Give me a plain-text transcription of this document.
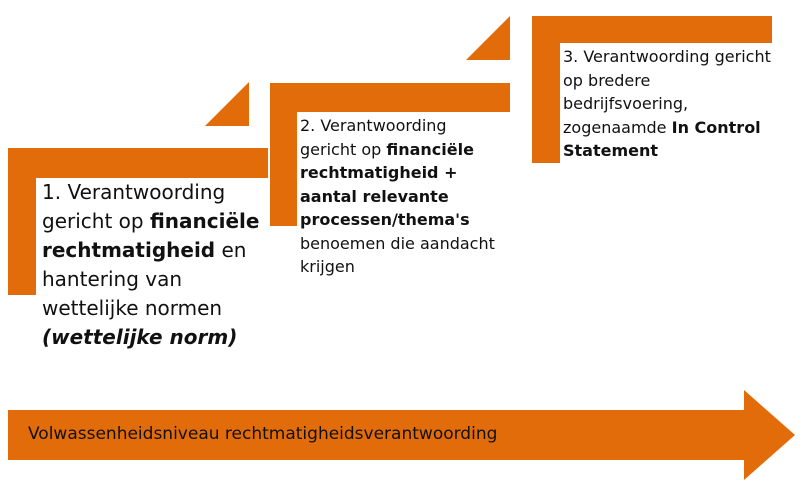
1. Verantwoording gericht op financiële rechtmatigheid en hantering van wettelijke normen (wettelijke norm)
2. Verantwoording gericht op financiële rechtmatigheid + aantal relevante processen/thema's benoemen die aandacht krijgen
3. Verantwoording gericht op bredere bedrijfsvoering, zogenaamde In Control Statement
Volwassenheidsniveau rechtmatigheidsverantwoording
